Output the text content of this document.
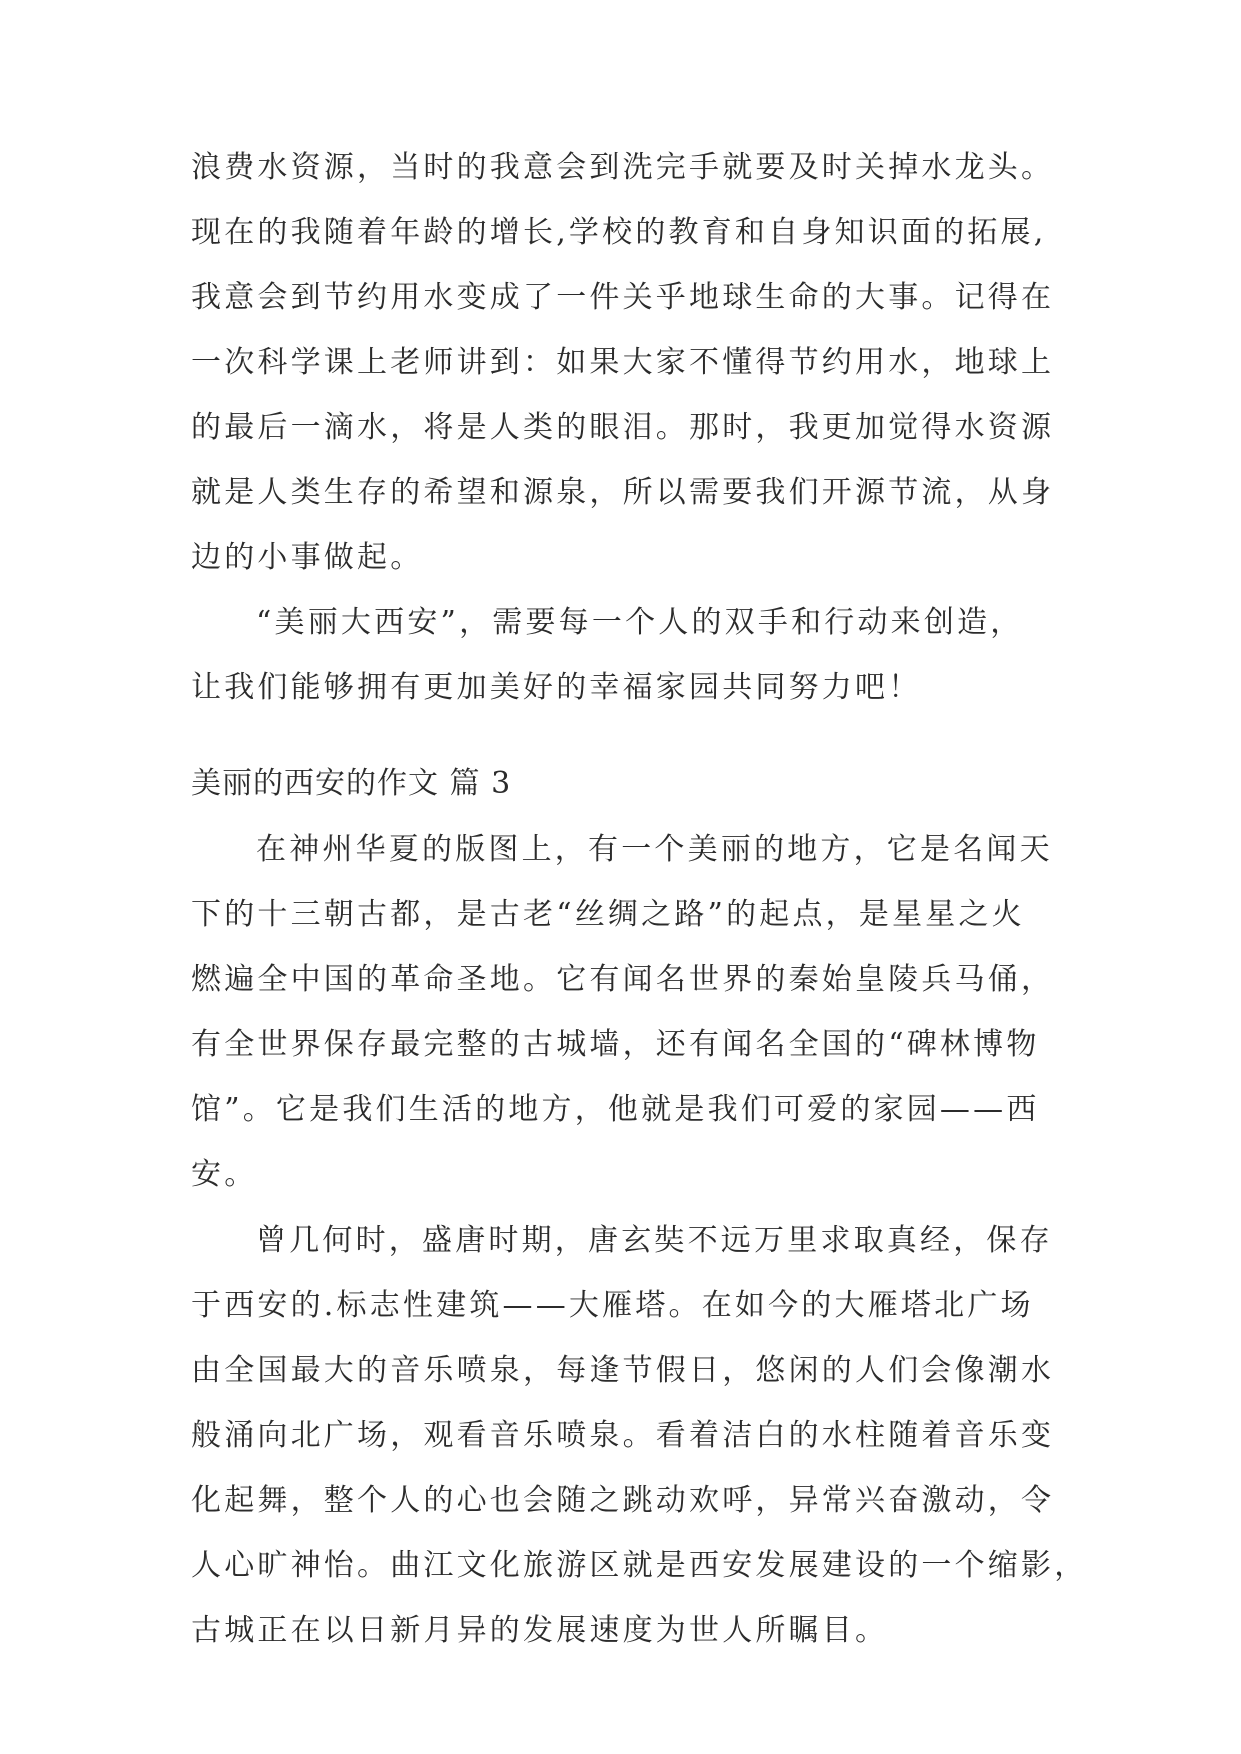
浪费水资源，当时的我意会到洗完手就要及时关掉水龙头。
现在的我随着年龄的增长,学校的教育和自身知识面的拓展,
我意会到节约用水变成了一件关乎地球生命的大事。记得在
一次科学课上老师讲到：如果大家不懂得节约用水，地球上
的最后一滴水，将是人类的眼泪。那时，我更加觉得水资源
就是人类生存的希望和源泉，所以需要我们开源节流，从身
边的小事做起。
“美丽大西安”，需要每一个人的双手和行动来创造，
让我们能够拥有更加美好的幸福家园共同努力吧！
美丽的西安的作文 篇 3
在神州华夏的版图上，有一个美丽的地方，它是名闻天
下的十三朝古都，是古老“丝绸之路”的起点，是星星之火
燃遍全中国的革命圣地。它有闻名世界的秦始皇陵兵马俑，
有全世界保存最完整的古城墙，还有闻名全国的“碑林博物
馆”。它是我们生活的地方，他就是我们可爱的家园——西
安。
曾几何时，盛唐时期，唐玄奘不远万里求取真经，保存
于西安的.标志性建筑——大雁塔。在如今的大雁塔北广场
由全国最大的音乐喷泉，每逢节假日，悠闲的人们会像潮水
般涌向北广场，观看音乐喷泉。看着洁白的水柱随着音乐变
化起舞，整个人的心也会随之跳动欢呼，异常兴奋激动，令
人心旷神怡。曲江文化旅游区就是西安发展建设的一个缩影，
古城正在以日新月异的发展速度为世人所瞩目。
